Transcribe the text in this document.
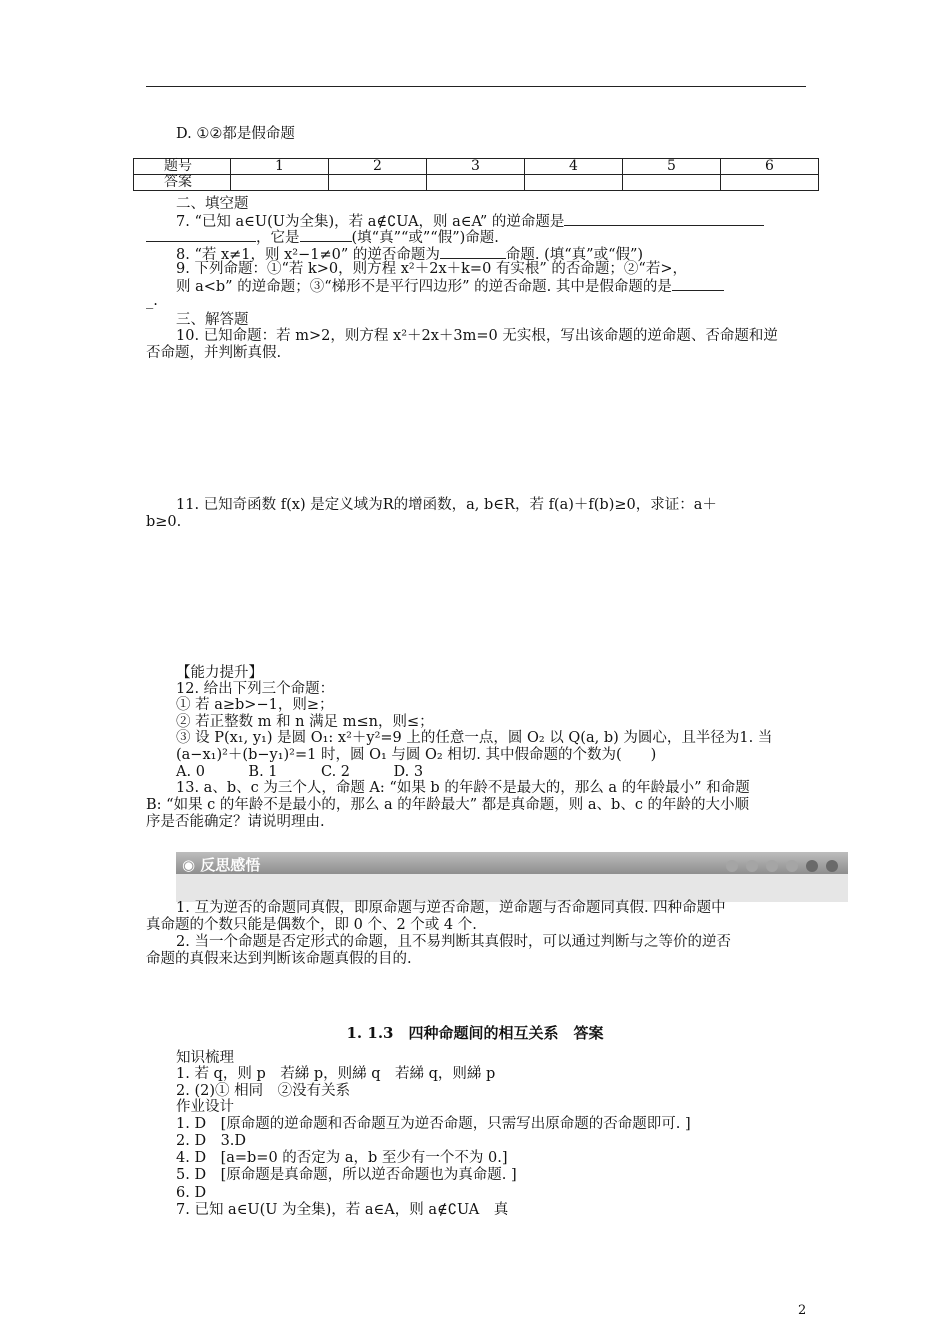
D. ①②都是假命题
题号	1	2	3	4	5	6
答案						
二、填空题
7. “已知 a∈U(U为全集)，若 a∉∁UA，则 a∈A” 的逆命题是
，它是	(填“真”“或”“假”)命题.
8. “若 x≠1，则 x²−1≠0” 的逆否命题为	命题. (填“真”或“假”)
9. 下列命题：①“若 k>0，则方程 x²＋2x＋k=0 有实根” 的否命题；②“若>，
则 a<b” 的逆命题；③“梯形不是平行四边形” 的逆否命题. 其中是假命题的是
_.
三、解答题
10. 已知命题：若 m>2，则方程 x²＋2x＋3m=0 无实根，写出该命题的逆命题、否命题和逆
否命题，并判断真假.
11. 已知奇函数 f(x) 是定义域为R的增函数，a, b∈R，若 f(a)＋f(b)≥0，求证：a＋
b≥0.
【能力提升】
12. 给出下列三个命题：
① 若 a≥b>−1，则≥；
② 若正整数 m 和 n 满足 m≤n，则≤；
③ 设 P(x₁, y₁) 是圆 O₁: x²＋y²=9 上的任意一点，圆 O₂ 以 Q(a, b) 为圆心，且半径为1. 当
(a−x₁)²＋(b−y₁)²=1 时，圆 O₁ 与圆 O₂ 相切. 其中假命题的个数为(　　)
A. 0　　　B. 1　　　C. 2　　　D. 3
13. a、b、c 为三个人，命题 A: “如果 b 的年龄不是最大的，那么 a 的年龄最小” 和命题
B: “如果 c 的年龄不是最小的，那么 a 的年龄最大” 都是真命题，则 a、b、c 的年龄的大小顺
序是否能确定？请说明理由.
◉ 反思感悟
1. 互为逆否的命题同真假，即原命题与逆否命题，逆命题与否命题同真假. 四种命题中
真命题的个数只能是偶数个，即 0 个、2 个或 4 个.
2. 当一个命题是否定形式的命题，且不易判断其真假时，可以通过判断与之等价的逆否
命题的真假来达到判断该命题真假的目的.
1. 1.3　四种命题间的相互关系　答案
知识梳理
1. 若 q，则 p　若綈 p，则綈 q　若綈 q，则綈 p
2. (2)① 相同　②没有关系
作业设计
1. D　[原命题的逆命题和否命题互为逆否命题，只需写出原命题的否命题即可. ]
2. D　3.D
4. D　[a=b=0 的否定为 a，b 至少有一个不为 0.]
5. D　[原命题是真命题，所以逆否命题也为真命题. ]
6. D
7. 已知 a∈U(U 为全集)，若 a∈A，则 a∉∁UA　真
2
